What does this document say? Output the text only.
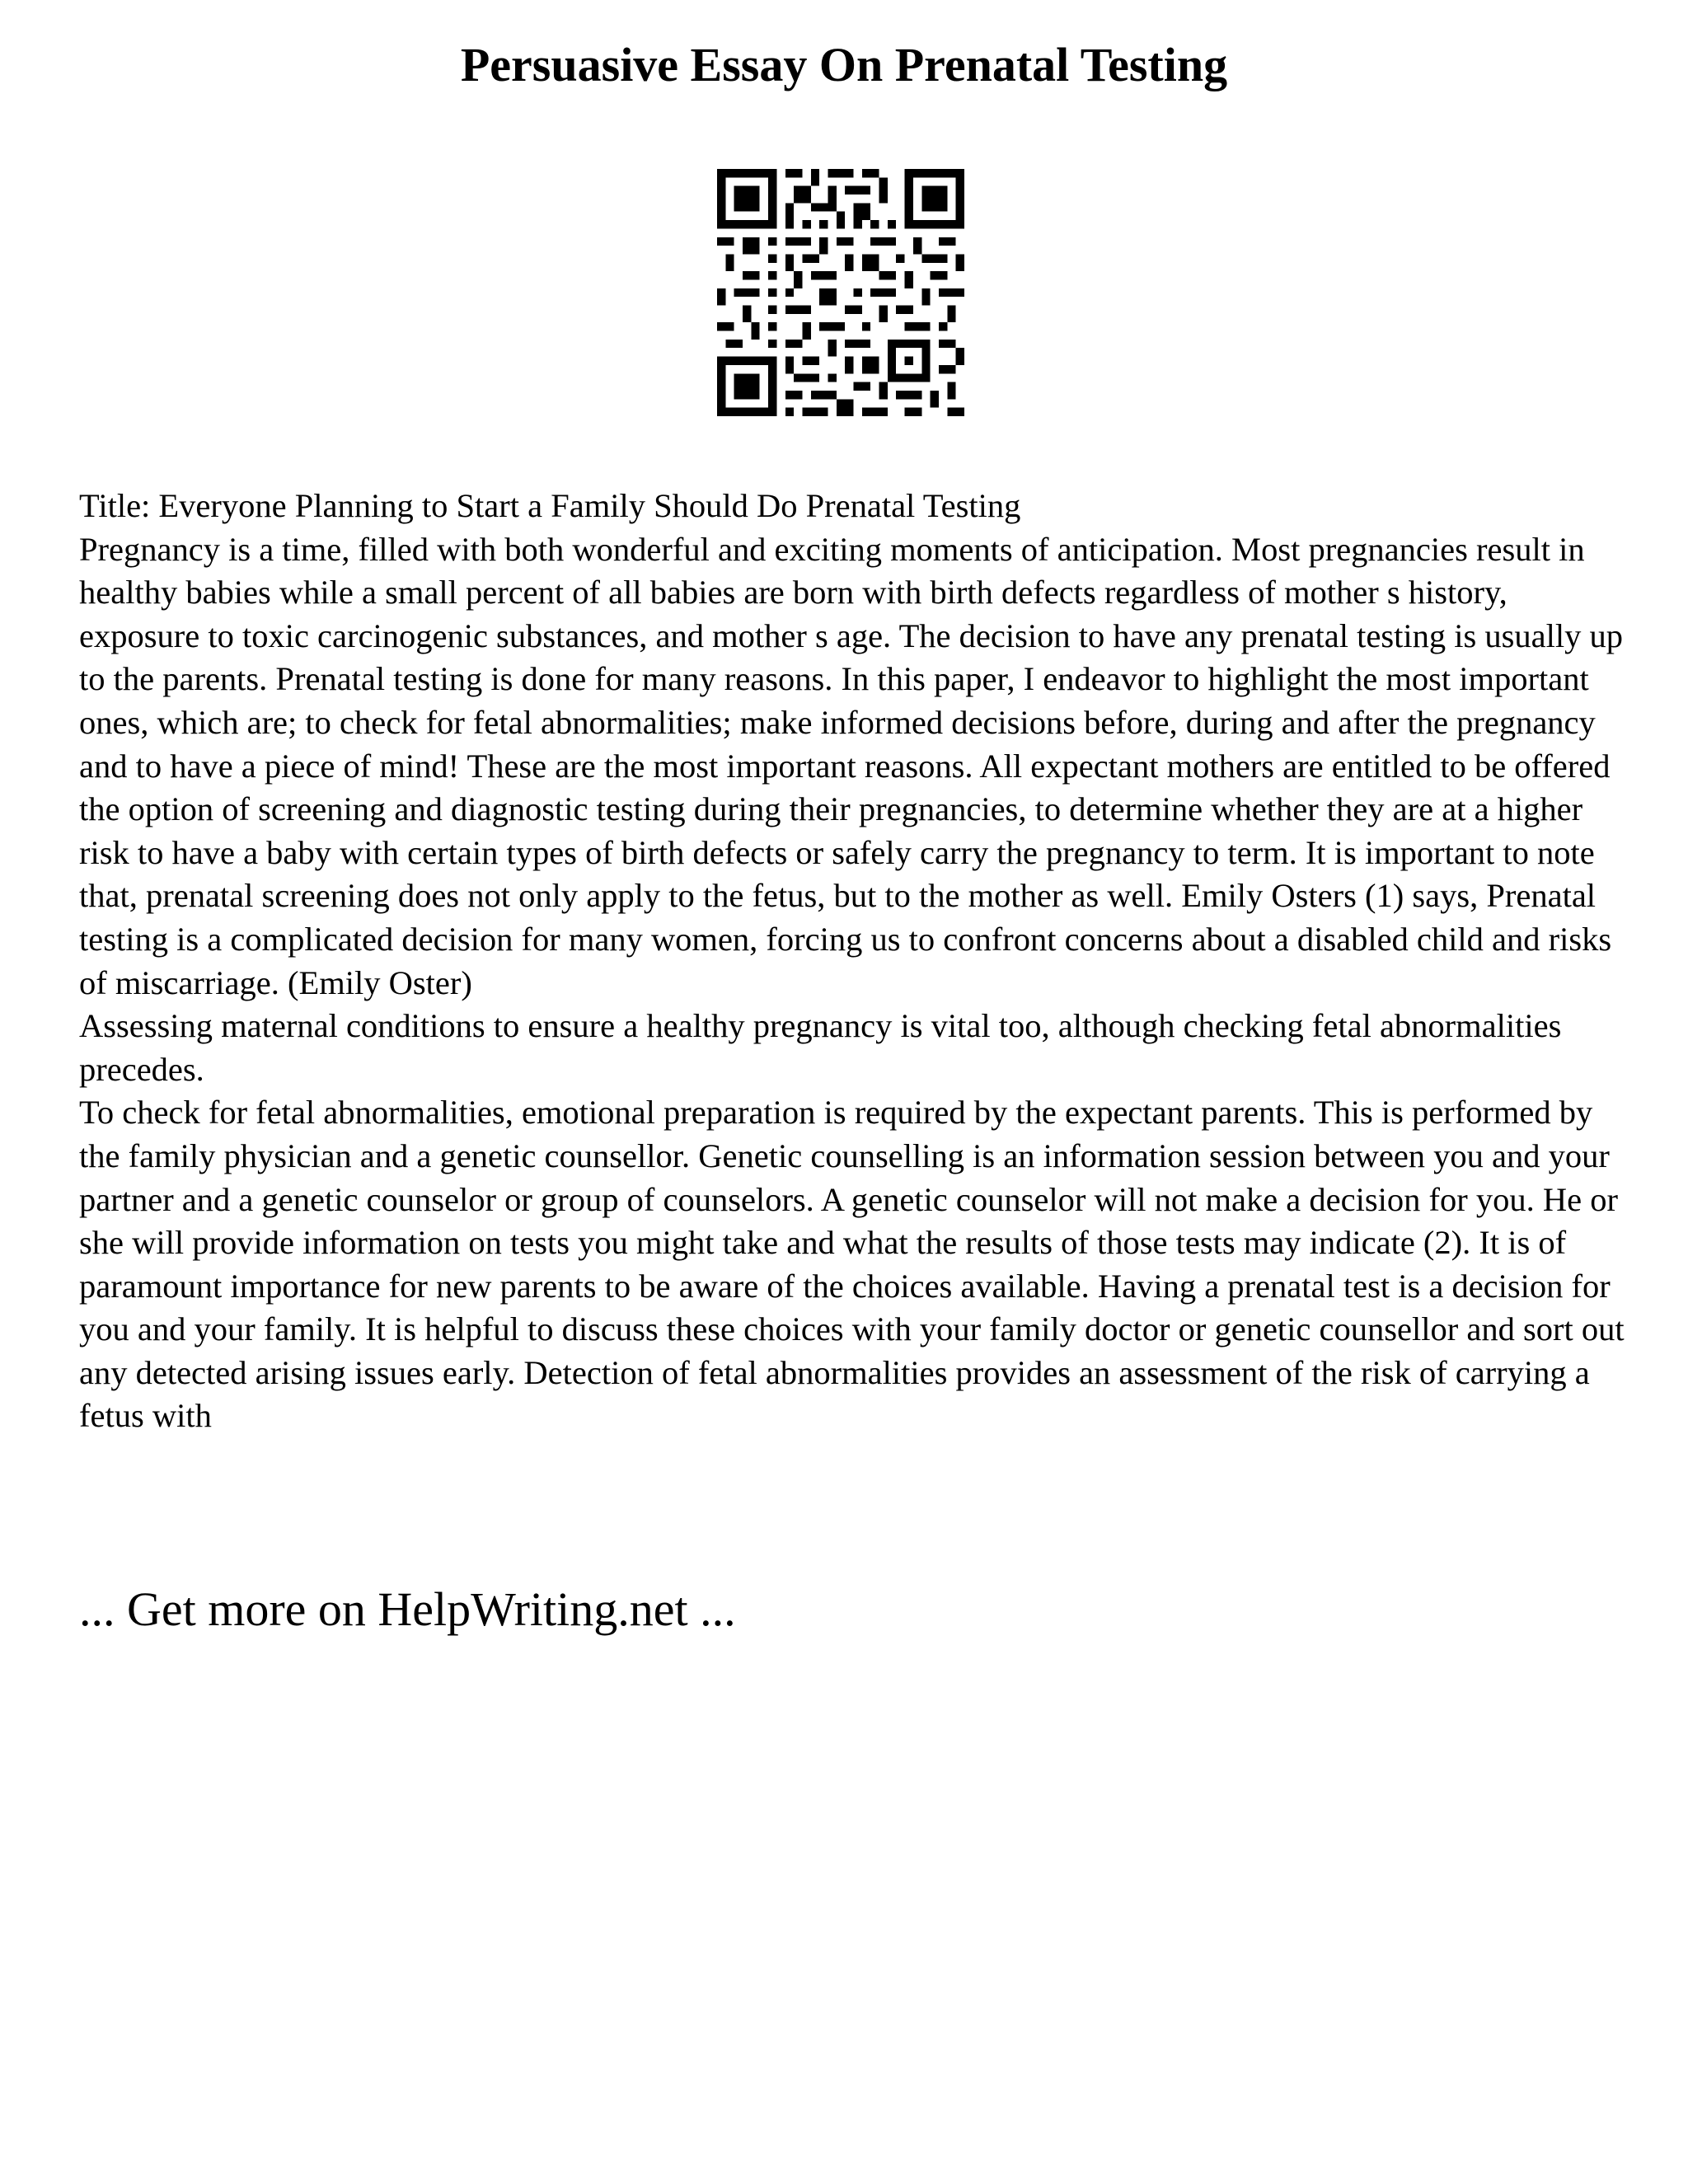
Persuasive Essay On Prenatal Testing

Title: Everyone Planning to Start a Family Should Do Prenatal Testing

Pregnancy is a time, filled with both wonderful and exciting moments of anticipation. Most pregnancies result in healthy babies while a small percent of all babies are born with birth defects regardless of mother s history, exposure to toxic carcinogenic substances, and mother s age. The decision to have any prenatal testing is usually up to the parents. Prenatal testing is done for many reasons. In this paper, I endeavor to highlight the most important ones, which are; to check for fetal abnormalities; make informed decisions before, during and after the pregnancy and to have a piece of mind! These are the most important reasons. All expectant mothers are entitled to be offered the option of screening and diagnostic testing during their pregnancies, to determine whether they are at a higher risk to have a baby with certain types of birth defects or safely carry the pregnancy to term. It is important to note that, prenatal screening does not only apply to the fetus, but to the mother as well. Emily Osters (1) says, Prenatal testing is a complicated decision for many women, forcing us to confront concerns about a disabled child and risks of miscarriage. (Emily Oster)

Assessing maternal conditions to ensure a healthy pregnancy is vital too, although checking fetal abnormalities precedes.

To check for fetal abnormalities, emotional preparation is required by the expectant parents. This is performed by the family physician and a genetic counsellor. Genetic counselling is an information session between you and your partner and a genetic counselor or group of counselors. A genetic counselor will not make a decision for you. He or she will provide information on tests you might take and what the results of those tests may indicate (2). It is of paramount importance for new parents to be aware of the choices available. Having a prenatal test is a decision for you and your family. It is helpful to discuss these choices with your family doctor or genetic counsellor and sort out any detected arising issues early. Detection of fetal abnormalities provides an assessment of the risk of carrying a fetus with

... Get more on HelpWriting.net ...
